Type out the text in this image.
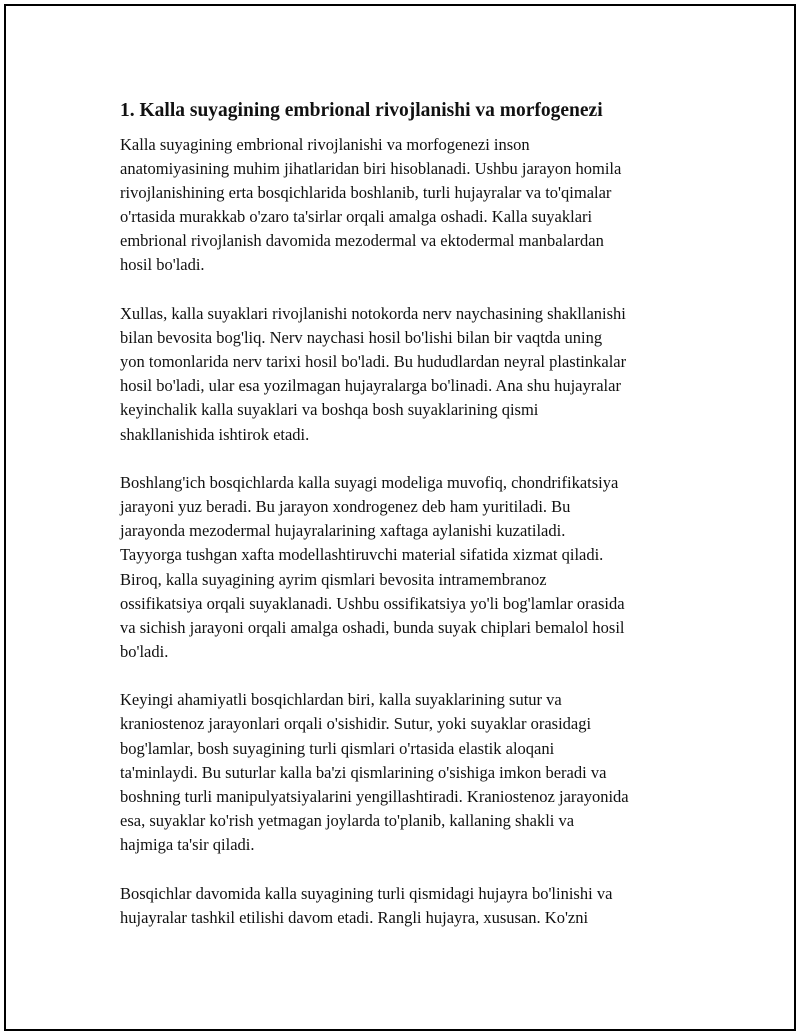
1. Kalla suyagining embrional rivojlanishi va morfogenezi

Kalla suyagining embrional rivojlanishi va morfogenezi inson
anatomiyasining muhim jihatlaridan biri hisoblanadi. Ushbu jarayon homila
rivojlanishining erta bosqichlarida boshlanib, turli hujayralar va to'qimalar
o'rtasida murakkab o'zaro ta'sirlar orqali amalga oshadi. Kalla suyaklari
embrional rivojlanish davomida mezodermal va ektodermal manbalardan
hosil bo'ladi.

Xullas, kalla suyaklari rivojlanishi notokorda nerv naychasining shakllanishi
bilan bevosita bog'liq. Nerv naychasi hosil bo'lishi bilan bir vaqtda uning
yon tomonlarida nerv tarixi hosil bo'ladi. Bu hududlardan neyral plastinkalar
hosil bo'ladi, ular esa yozilmagan hujayralarga bo'linadi. Ana shu hujayralar
keyinchalik kalla suyaklari va boshqa bosh suyaklarining qismi
shakllanishida ishtirok etadi.

Boshlang'ich bosqichlarda kalla suyagi modeliga muvofiq, chondrifikatsiya
jarayoni yuz beradi. Bu jarayon xondrogenez deb ham yuritiladi. Bu
jarayonda mezodermal hujayralarining xaftaga aylanishi kuzatiladi.
Tayyorga tushgan xafta modellashtiruvchi material sifatida xizmat qiladi.
Biroq, kalla suyagining ayrim qismlari bevosita intramembranoz
ossifikatsiya orqali suyaklanadi. Ushbu ossifikatsiya yo'li bog'lamlar orasida
va sichish jarayoni orqali amalga oshadi, bunda suyak chiplari bemalol hosil
bo'ladi.

Keyingi ahamiyatli bosqichlardan biri, kalla suyaklarining sutur va
kraniostenoz jarayonlari orqali o'sishidir. Sutur, yoki suyaklar orasidagi
bog'lamlar, bosh suyagining turli qismlari o'rtasida elastik aloqani
ta'minlaydi. Bu suturlar kalla ba'zi qismlarining o'sishiga imkon beradi va
boshning turli manipulyatsiyalarini yengillashtiradi. Kraniostenoz jarayonida
esa, suyaklar ko'rish yetmagan joylarda to'planib, kallaning shakli va
hajmiga ta'sir qiladi.

Bosqichlar davomida kalla suyagining turli qismidagi hujayra bo'linishi va
hujayralar tashkil etilishi davom etadi. Rangli hujayra, xususan. Ko'zni
